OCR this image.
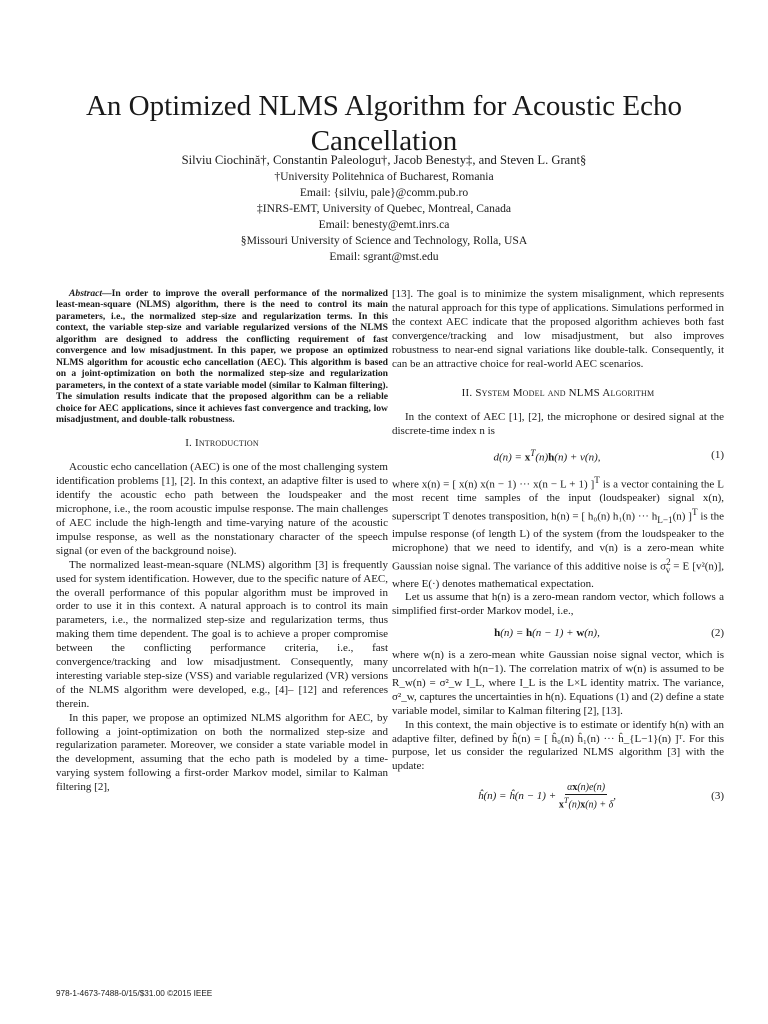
An Optimized NLMS Algorithm for Acoustic Echo Cancellation
Silviu Ciochină†, Constantin Paleologu†, Jacob Benesty‡, and Steven L. Grant§
†University Politehnica of Bucharest, Romania
Email: {silviu, pale}@comm.pub.ro
‡INRS-EMT, University of Quebec, Montreal, Canada
Email: benesty@emt.inrs.ca
§Missouri University of Science and Technology, Rolla, USA
Email: sgrant@mst.edu

Abstract—In order to improve the overall performance of the normalized least-mean-square (NLMS) algorithm, there is the need to control its main parameters, i.e., the normalized step-size and regularization terms. In this context, the variable step-size and variable regularized versions of the NLMS algorithm are designed to address the conflicting requirement of fast convergence and low misadjustment. In this paper, we propose an optimized NLMS algorithm for acoustic echo cancellation (AEC). This algorithm is based on a joint-optimization on both the normalized step-size and regularization parameters, in the context of a state variable model (similar to Kalman filtering). The simulation results indicate that the proposed algorithm can be a reliable choice for AEC applications, since it achieves fast convergence and tracking, low misadjustment, and double-talk robustness.

I. Introduction

Acoustic echo cancellation (AEC) is one of the most challenging system identification problems [1], [2]. In this context, an adaptive filter is used to identify the acoustic echo path between the loudspeaker and the microphone, i.e., the room acoustic impulse response. The main challenges of AEC include the high-length and time-varying nature of the acoustic impulse response, as well as the nonstationary character of the speech signal (or even of the background noise).

The normalized least-mean-square (NLMS) algorithm [3] is frequently used for system identification. However, due to the specific nature of AEC, the overall performance of this popular algorithm must be improved in order to use it in this context. A natural approach is to control its main parameters, i.e., the normalized step-size and regularization terms, thus making them time dependent. The goal is to achieve a proper compromise between the conflicting performance criteria, i.e., fast convergence/tracking and low misadjustment. Consequently, many interesting variable step-size (VSS) and variable regularized (VR) versions of the NLMS algorithm were developed, e.g., [4]– [12] and references therein.

In this paper, we propose an optimized NLMS algorithm for AEC, by following a joint-optimization on both the normalized step-size and regularization parameter. Moreover, we consider a state variable model in the development, assuming that the echo path is modeled by a time-varying system following a first-order Markov model, similar to Kalman filtering [2],

[13]. The goal is to minimize the system misalignment, which represents the natural approach for this type of applications. Simulations performed in the context AEC indicate that the proposed algorithm achieves both fast convergence/tracking and low misadjustment, but also improves robustness to near-end signal variations like double-talk. Consequently, it can be an attractive choice for real-world AEC scenarios.

II. System Model and NLMS Algorithm

In the context of AEC [1], [2], the microphone or desired signal at the discrete-time index n is

$d(n) = x^T(n)h(n) + v(n)$,	(1)

where x(n) = [ x(n) x(n − 1) ··· x(n − L + 1) ]$^T$ is a vector containing the L most recent time samples of the input (loudspeaker) signal x(n), superscript T denotes transposition, h(n) = [ h₀(n) h₁(n) ··· $h_{L-1}(n)$ ]$^T$ is the impulse response (of length L) of the system (from the loudspeaker to the microphone) that we need to identify, and v(n) is a zero-mean white Gaussian noise signal. The variance of this additive noise is $\sigma^2_v = E$ [v²(n)], where E(·) denotes mathematical expectation.

Let us assume that h(n) is a zero-mean random vector, which follows a simplified first-order Markov model, i.e.,

h(n) = h(n − 1) + w(n),	(2)

where w(n) is a zero-mean white Gaussian noise signal vector, which is uncorrelated with h(n−1). The correlation matrix of w(n) is assumed to be R_w(n) = σ²_w I_L, where I_L is the L×L identity matrix. The variance, σ²_w, captures the uncertainties in h(n). Equations (1) and (2) define a state variable model, similar to Kalman filtering [2], [13].

In this context, the main objective is to estimate or identify h(n) with an adaptive filter, defined by ĥ(n) = [ ĥ₀(n) ĥ₁(n) ··· ĥ_{L−1}(n) ]ᵀ. For this purpose, let us consider the regularized NLMS algorithm [3] with the update:

ĥ(n) = ĥ(n − $1) + \frac{\alpha x(n)e(n)}{x^T(n)x(n) + \delta}$ ,	(3)
978-1-4673-7488-0/15/$31.00 ©2015 IEEE
